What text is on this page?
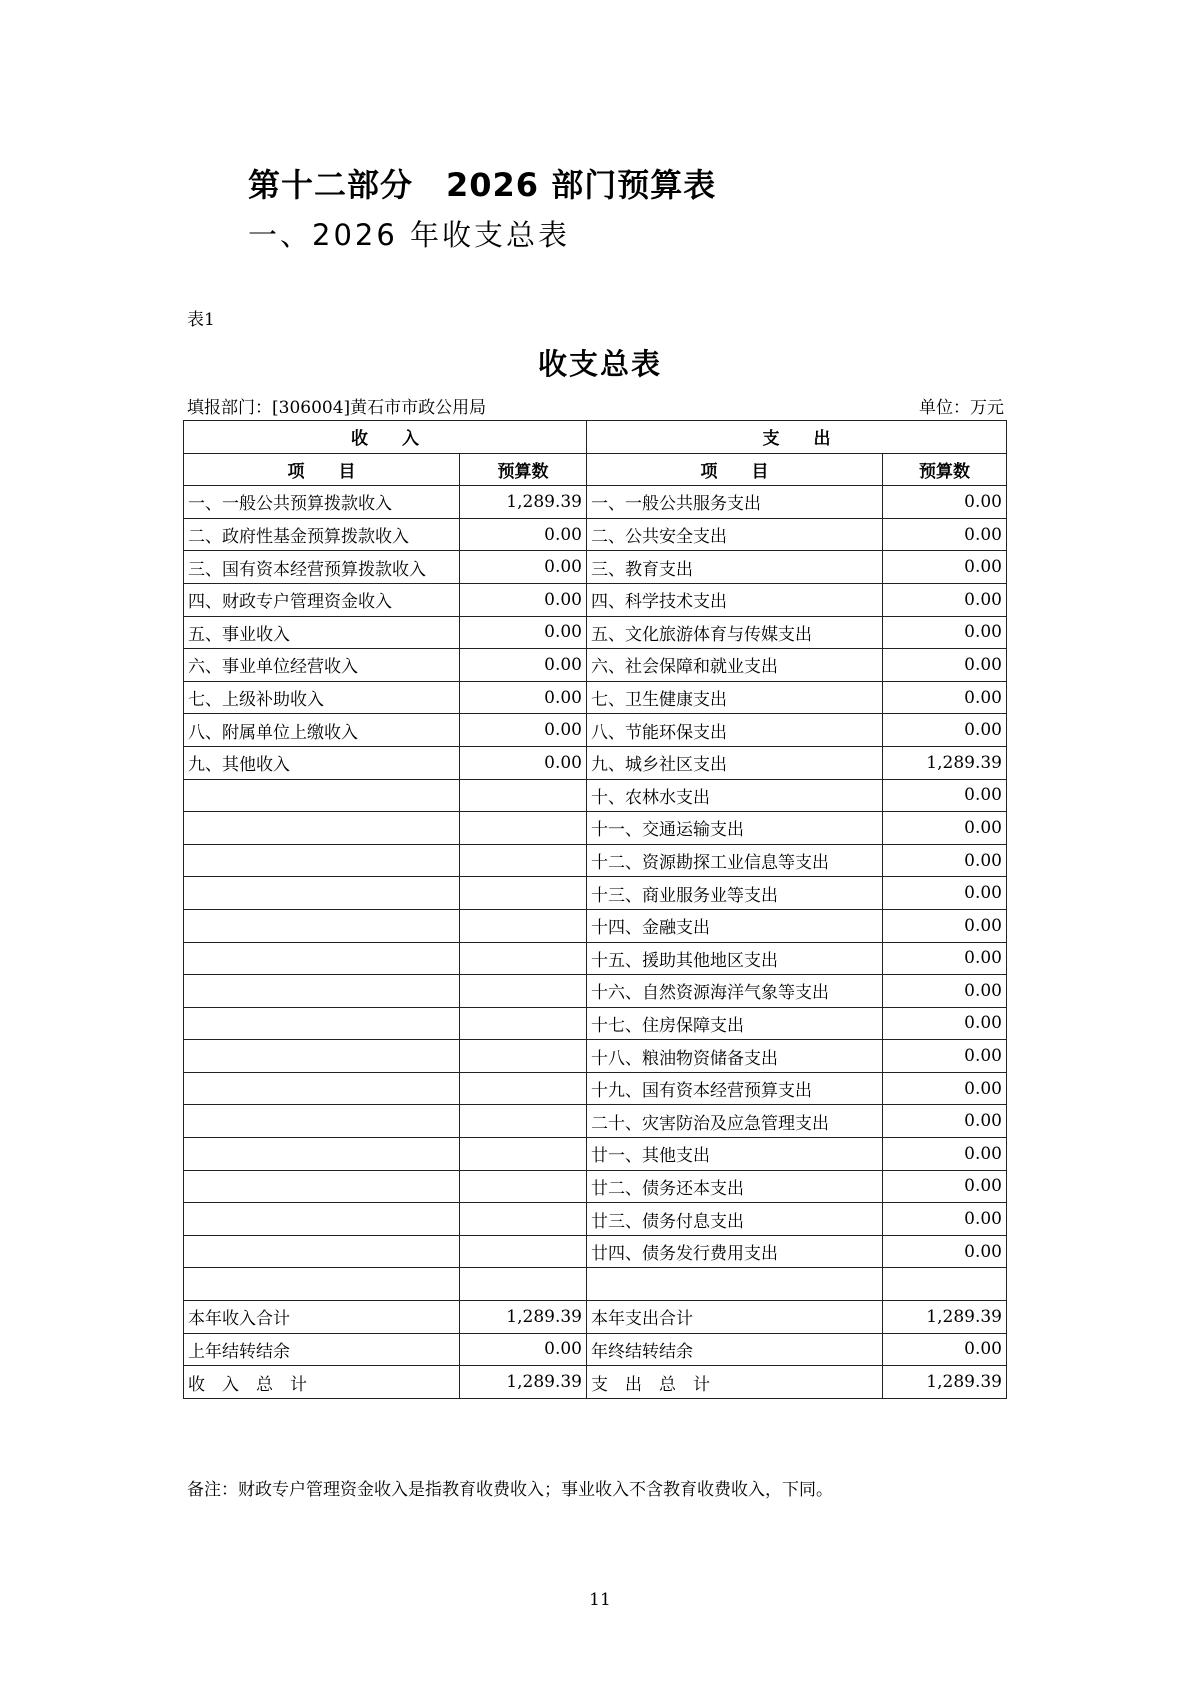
第十二部分　2026 部门预算表
一、2026 年收支总表
表1
收支总表
填报部门：[306004]黄石市市政公用局	单位：万元
收　　入		支　　出	
项　　目	预算数	项　　目	预算数
一、一般公共预算拨款收入	1,289.39	一、一般公共服务支出	0.00
二、政府性基金预算拨款收入	0.00	二、公共安全支出	0.00
三、国有资本经营预算拨款收入	0.00	三、教育支出	0.00
四、财政专户管理资金收入	0.00	四、科学技术支出	0.00
五、事业收入	0.00	五、文化旅游体育与传媒支出	0.00
六、事业单位经营收入	0.00	六、社会保障和就业支出	0.00
七、上级补助收入	0.00	七、卫生健康支出	0.00
八、附属单位上缴收入	0.00	八、节能环保支出	0.00
九、其他收入	0.00	九、城乡社区支出	1,289.39
		十、农林水支出	0.00
		十一、交通运输支出	0.00
		十二、资源勘探工业信息等支出	0.00
		十三、商业服务业等支出	0.00
		十四、金融支出	0.00
		十五、援助其他地区支出	0.00
		十六、自然资源海洋气象等支出	0.00
		十七、住房保障支出	0.00
		十八、粮油物资储备支出	0.00
		十九、国有资本经营预算支出	0.00
		二十、灾害防治及应急管理支出	0.00
		廿一、其他支出	0.00
		廿二、债务还本支出	0.00
		廿三、债务付息支出	0.00
		廿四、债务发行费用支出	0.00

本年收入合计	1,289.39	本年支出合计	1,289.39
上年结转结余	0.00	年终结转结余	0.00
收　入　总　计	1,289.39	支　出　总　计	1,289.39
备注：财政专户管理资金收入是指教育收费收入；事业收入不含教育收费收入，下同。
11
